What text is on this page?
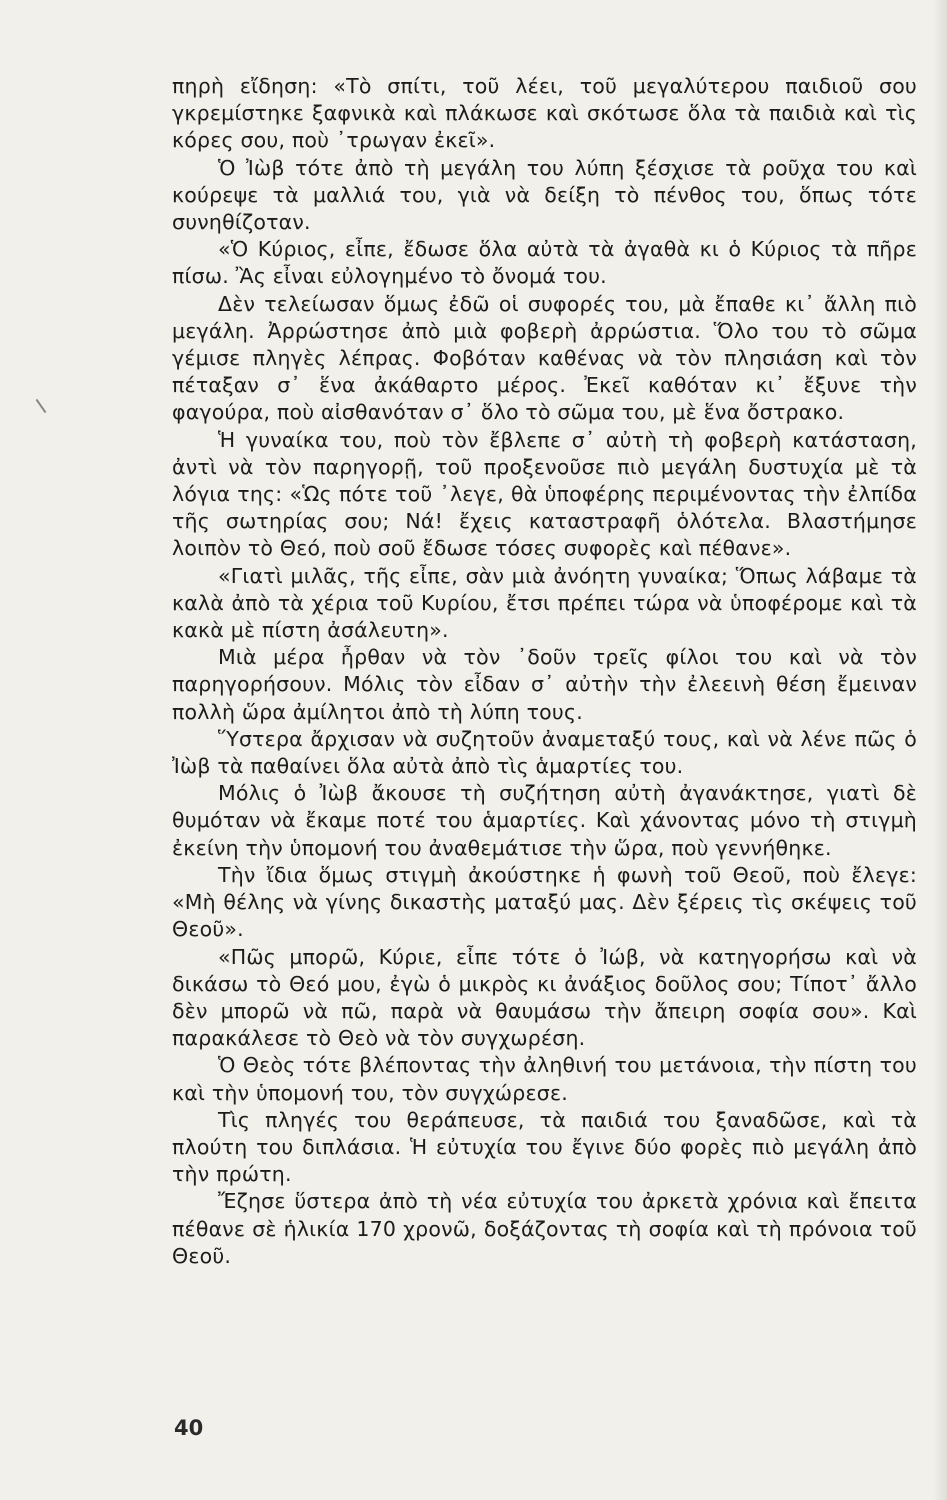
πηρὴ εἴδηση: «Τὸ σπίτι, τοῦ λέει, τοῦ μεγαλύτερου παιδιοῦ σου γκρεμίστηκε ξαφνικὰ καὶ πλάκωσε καὶ σκότωσε ὅλα τὰ παιδιὰ καὶ τὶς κόρες σου, ποὺ ᾽τρωγαν ἐκεῖ».

Ὁ Ἰὼβ τότε ἀπὸ τὴ μεγάλη του λύπη ξέσχισε τὰ ροῦχα του καὶ κούρεψε τὰ μαλλιά του, γιὰ νὰ δείξη τὸ πένθος του, ὅπως τότε συνηθίζοταν.

«Ὁ Κύριος, εἶπε, ἔδωσε ὅλα αὐτὰ τὰ ἀγαθὰ κι ὁ Κύριος τὰ πῆρε πίσω. Ἂς εἶναι εὐλογημένο τὸ ὄνομά του.

Δὲν τελείωσαν ὅμως ἐδῶ οἱ συφορές του, μὰ ἔπαθε κι᾽ ἄλλη πιὸ μεγάλη. Ἀρρώστησε ἀπὸ μιὰ φοβερὴ ἀρρώστια. Ὅλο του τὸ σῶμα γέμισε πληγὲς λέπρας. Φοβόταν καθένας νὰ τὸν πλησιάση καὶ τὸν πέταξαν σ᾽ ἕνα ἀκάθαρτο μέρος. Ἐκεῖ καθόταν κι᾽ ἔξυνε τὴν φαγούρα, ποὺ αἰσθανόταν σ᾽ ὅλο τὸ σῶμα του, μὲ ἕνα ὄστρακο.

Ἡ γυναίκα του, ποὺ τὸν ἔβλεπε σ᾽ αὐτὴ τὴ φοβερὴ κατάσταση, ἀντὶ νὰ τὸν παρηγορῇ, τοῦ προξενοῦσε πιὸ μεγάλη δυστυχία μὲ τὰ λόγια της: «Ὡς πότε τοῦ ᾽λεγε, θὰ ὑποφέρης περιμένοντας τὴν ἐλπίδα τῆς σωτηρίας σου; Νά! ἔχεις καταστραφῆ ὁλότελα. Βλαστήμησε λοιπὸν τὸ Θεό, ποὺ σοῦ ἔδωσε τόσες συφορὲς καὶ πέθανε».

«Γιατὶ μιλᾶς, τῆς εἶπε, σὰν μιὰ ἀνόητη γυναίκα; Ὅπως λάβαμε τὰ καλὰ ἀπὸ τὰ χέρια τοῦ Κυρίου, ἔτσι πρέπει τώρα νὰ ὑποφέρομε καὶ τὰ κακὰ μὲ πίστη ἀσάλευτη».

Μιὰ μέρα ἦρθαν νὰ τὸν ᾽δοῦν τρεῖς φίλοι του καὶ νὰ τὸν παρηγορήσουν. Μόλις τὸν εἶδαν σ᾽ αὐτὴν τὴν ἐλεεινὴ θέση ἔμειναν πολλὴ ὥρα ἀμίλητοι ἀπὸ τὴ λύπη τους.

Ὕστερα ἄρχισαν νὰ συζητοῦν ἀναμεταξύ τους, καὶ νὰ λένε πῶς ὁ Ἰὼβ τὰ παθαίνει ὅλα αὐτὰ ἀπὸ τὶς ἁμαρτίες του.

Μόλις ὁ Ἰὼβ ἄκουσε τὴ συζήτηση αὐτὴ ἀγανάκτησε, γιατὶ δὲ θυμόταν νὰ ἔκαμε ποτέ του ἁμαρτίες. Καὶ χάνοντας μόνο τὴ στιγμὴ ἐκείνη τὴν ὑπομονή του ἀναθεμάτισε τὴν ὥρα, ποὺ γεννήθηκε.

Τὴν ἴδια ὅμως στιγμὴ ἀκούστηκε ἡ φωνὴ τοῦ Θεοῦ, ποὺ ἔλεγε: «Μὴ θέλης νὰ γίνης δικαστὴς ματαξύ μας. Δὲν ξέρεις τὶς σκέψεις τοῦ Θεοῦ».

«Πῶς μπορῶ, Κύριε, εἶπε τότε ὁ Ἰώβ, νὰ κατηγορήσω καὶ νὰ δικάσω τὸ Θεό μου, ἐγὼ ὁ μικρὸς κι ἀνάξιος δοῦλος σου; Τίποτ᾽ ἄλλο δὲν μπορῶ νὰ πῶ, παρὰ νὰ θαυμάσω τὴν ἄπειρη σοφία σου». Καὶ παρακάλεσε τὸ Θεὸ νὰ τὸν συγχωρέση.

Ὁ Θεὸς τότε βλέποντας τὴν ἀληθινή του μετάνοια, τὴν πίστη του καὶ τὴν ὑπομονή του, τὸν συγχώρεσε.

Τὶς πληγές του θεράπευσε, τὰ παιδιά του ξαναδῶσε, καὶ τὰ πλούτη του διπλάσια. Ἡ εὐτυχία του ἔγινε δύο φορὲς πιὸ μεγάλη ἀπὸ τὴν πρώτη.

Ἔζησε ὕστερα ἀπὸ τὴ νέα εὐτυχία του ἀρκετὰ χρόνια καὶ ἔπειτα πέθανε σὲ ἡλικία 170 χρονῶ, δοξάζοντας τὴ σοφία καὶ τὴ πρόνοια τοῦ Θεοῦ.

40
